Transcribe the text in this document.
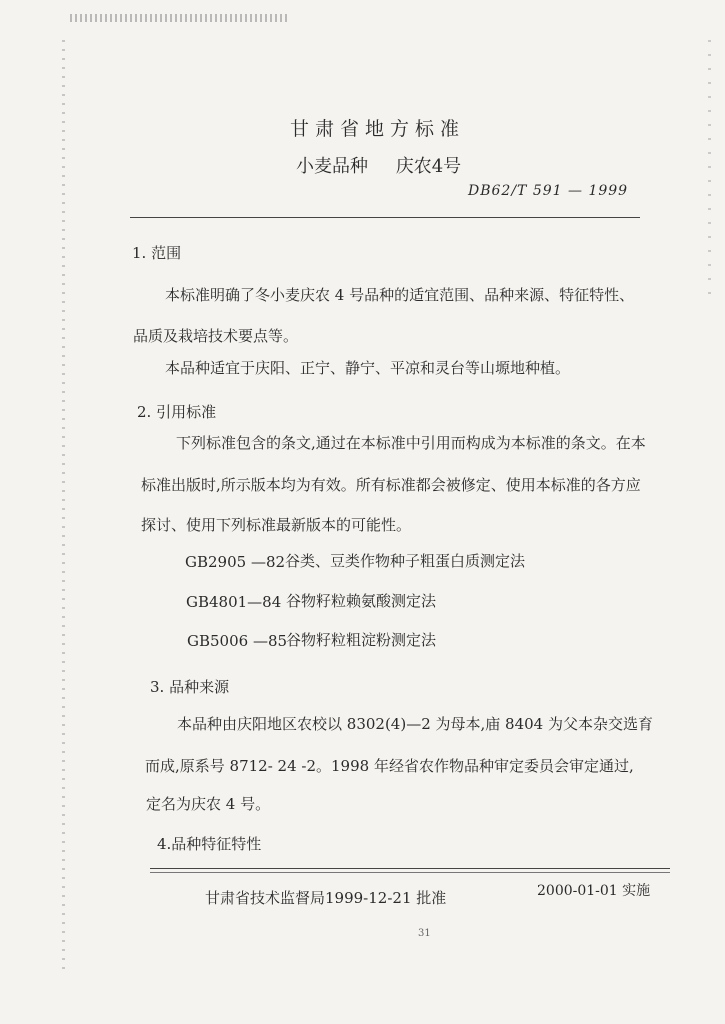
甘肃省地方标准
小麦品种 庆农4号
DB62/T 591 — 1999
1. 范围
本标准明确了冬小麦庆农 4 号品种的适宜范围、品种来源、特征特性、
品质及栽培技术要点等。
本品种适宜于庆阳、正宁、静宁、平凉和灵台等山塬地种植。
2. 引用标准
下列标准包含的条文,通过在本标准中引用而构成为本标准的条文。在本
标准出版时,所示版本均为有效。所有标准都会被修定、使用本标准的各方应
探讨、使用下列标准最新版本的可能性。
GB2905 —82 谷类、豆类作物种子粗蛋白质测定法
GB4801—84 谷物籽粒赖氨酸测定法
GB5006 —85
谷物籽粒粗淀粉测定法
3. 品种来源
本品种由庆阳地区农校以 8302(4)—2 为母本,庙 8404 为父本杂交选育
而成,原系号 8712- 24 -2。1998 年经省农作物品种审定委员会审定通过,
定名为庆农 4 号。
4.品种特征特性
甘肃省技术监督局1999-12-21 批准	2000-01-01 实施
31
